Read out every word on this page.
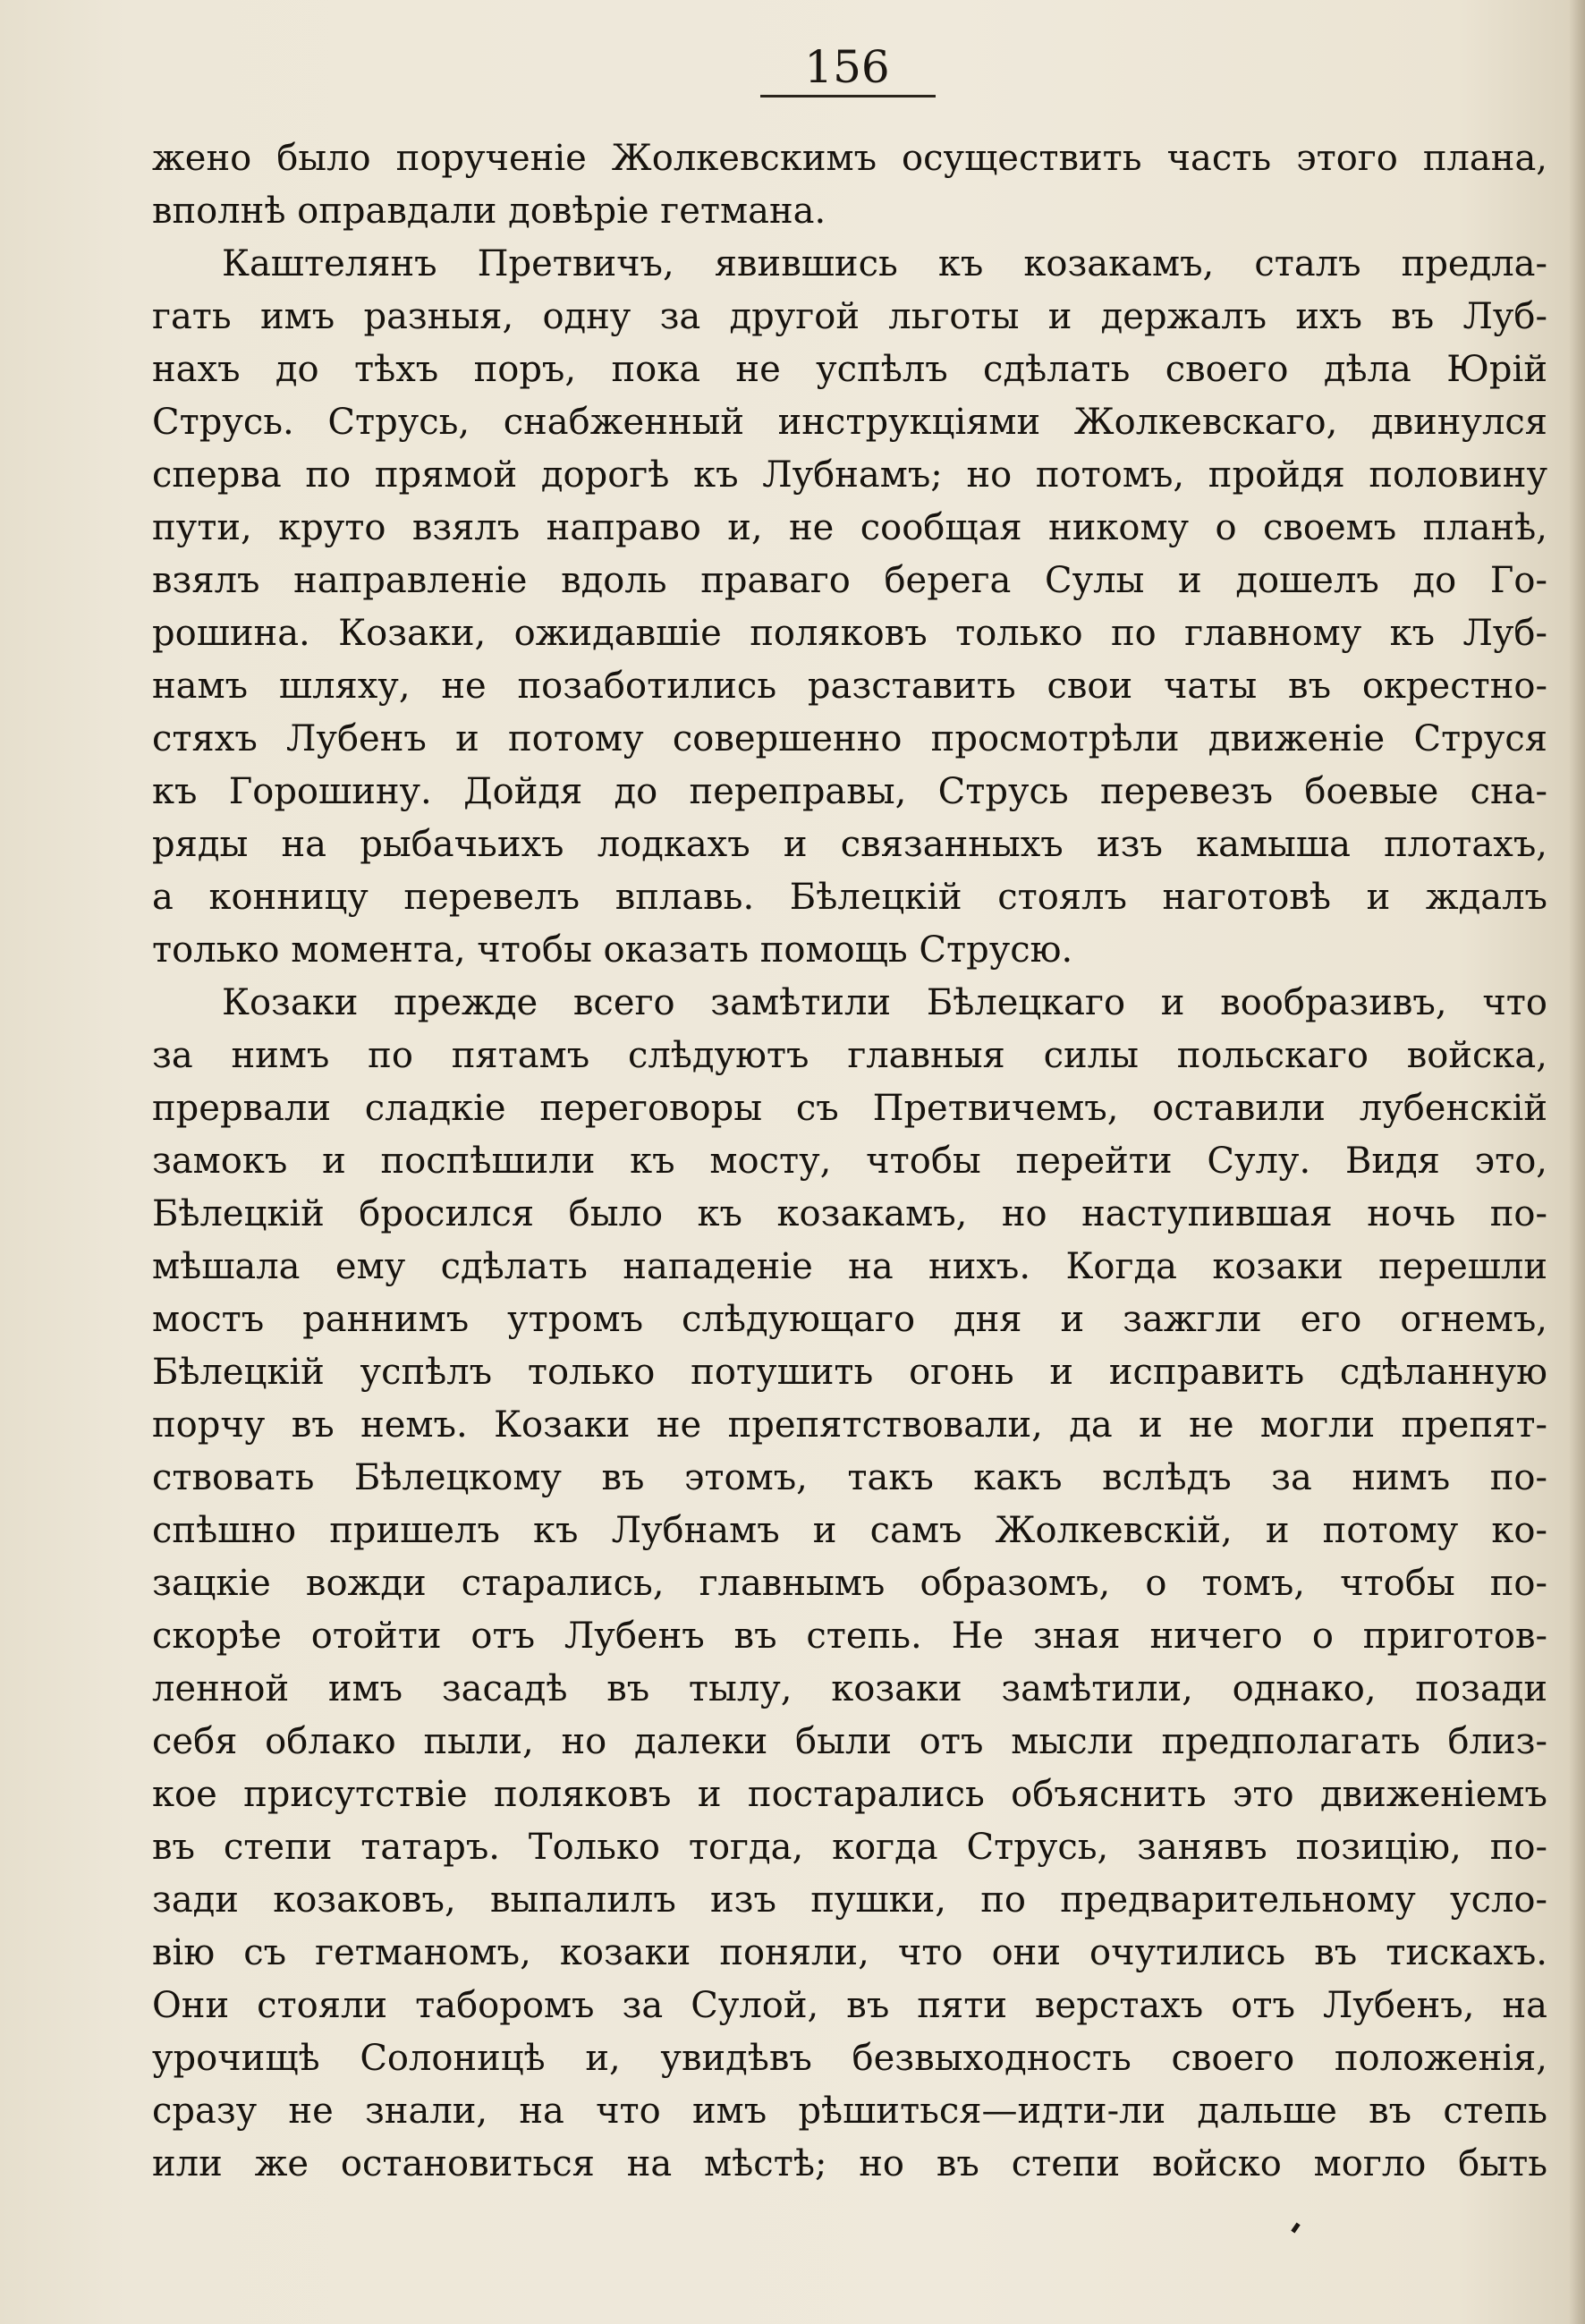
156
жено было порученіе Жолкевскимъ осуществить часть этого плана,
вполнѣ оправдали довѣріе гетмана.
Каштелянъ Претвичъ, явившись къ козакамъ, сталъ предла-
гать имъ разныя, одну за другой льготы и держалъ ихъ въ Луб-
нахъ до тѣхъ поръ, пока не успѣлъ сдѣлать своего дѣла Юрій
Струсь. Струсь, снабженный инструкціями Жолкевскаго, двинулся
сперва по прямой дорогѣ къ Лубнамъ; но потомъ, пройдя половину
пути, круто взялъ направо и, не сообщая никому о своемъ планѣ,
взялъ направленіе вдоль праваго берега Сулы и дошелъ до Го-
рошина. Козаки, ожидавшіе поляковъ только по главному къ Луб-
намъ шляху, не позаботились разставить свои чаты въ окрестно-
стяхъ Лубенъ и потому совершенно просмотрѣли движеніе Струся
къ Горошину. Дойдя до переправы, Струсь перевезъ боевые сна-
ряды на рыбачьихъ лодкахъ и связанныхъ изъ камыша плотахъ,
а конницу перевелъ вплавь. Бѣлецкій стоялъ наготовѣ и ждалъ
только момента, чтобы оказать помощь Струсю.
Козаки прежде всего замѣтили Бѣлецкаго и вообразивъ, что
за нимъ по пятамъ слѣдуютъ главныя силы польскаго войска,
прервали сладкіе переговоры съ Претвичемъ, оставили лубенскій
замокъ и поспѣшили къ мосту, чтобы перейти Сулу. Видя это,
Бѣлецкій бросился было къ козакамъ, но наступившая ночь по-
мѣшала ему сдѣлать нападеніе на нихъ. Когда козаки перешли
мостъ раннимъ утромъ слѣдующаго дня и зажгли его огнемъ,
Бѣлецкій успѣлъ только потушить огонь и исправить сдѣланную
порчу въ немъ. Козаки не препятствовали, да и не могли препят-
ствовать Бѣлецкому въ этомъ, такъ какъ вслѣдъ за нимъ по-
спѣшно пришелъ къ Лубнамъ и самъ Жолкевскій, и потому ко-
зацкіе вожди старались, главнымъ образомъ, о томъ, чтобы по-
скорѣе отойти отъ Лубенъ въ степь. Не зная ничего о приготов-
ленной имъ засадѣ въ тылу, козаки замѣтили, однако, позади
себя облако пыли, но далеки были отъ мысли предполагать близ-
кое присутствіе поляковъ и постарались объяснить это движеніемъ
въ степи татаръ. Только тогда, когда Струсь, занявъ позицію, по-
зади козаковъ, выпалилъ изъ пушки, по предварительному усло-
вію съ гетманомъ, козаки поняли, что они очутились въ тискахъ.
Они стояли таборомъ за Сулой, въ пяти верстахъ отъ Лубенъ, на
урочищѣ Солоницѣ и, увидѣвъ безвыходность своего положенія,
сразу не знали, на что имъ рѣшиться—идти-ли дальше въ степь
или же остановиться на мѣстѣ; но въ степи войско могло быть
